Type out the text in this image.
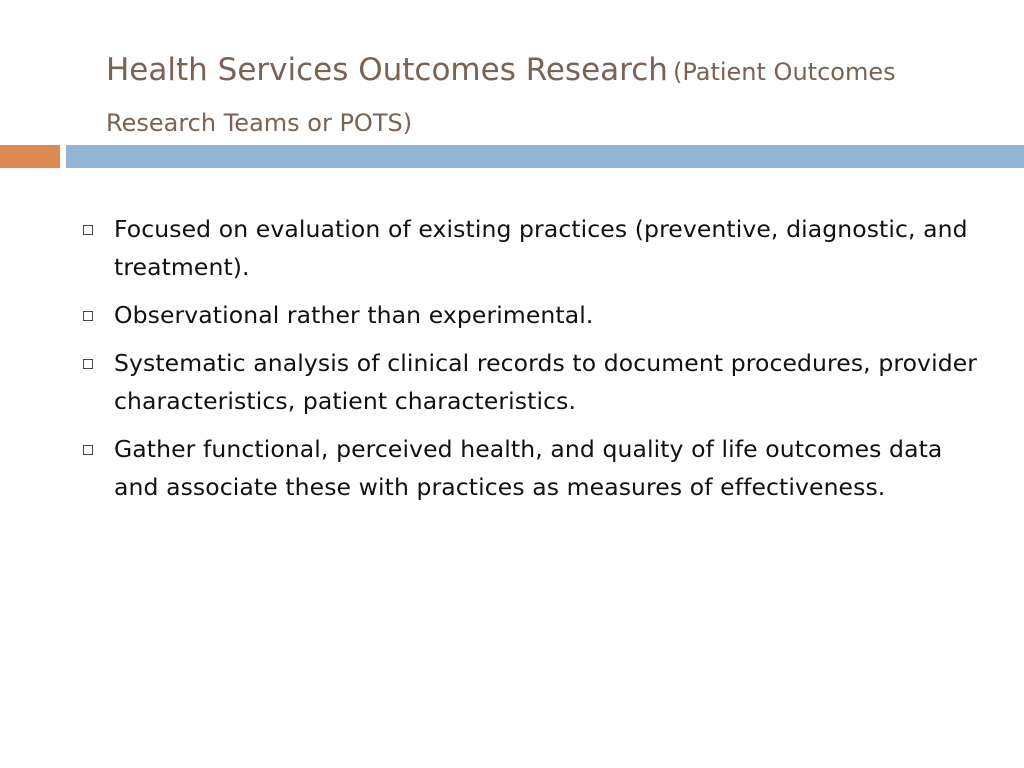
Health Services Outcomes Research (Patient Outcomes Research Teams or POTS)
Focused on evaluation of existing practices (preventive, diagnostic, and treatment).
Observational rather than experimental.
Systematic analysis of clinical records to document procedures, provider characteristics, patient characteristics.
Gather functional, perceived health, and quality of life outcomes data and associate these with practices as measures of effectiveness.
